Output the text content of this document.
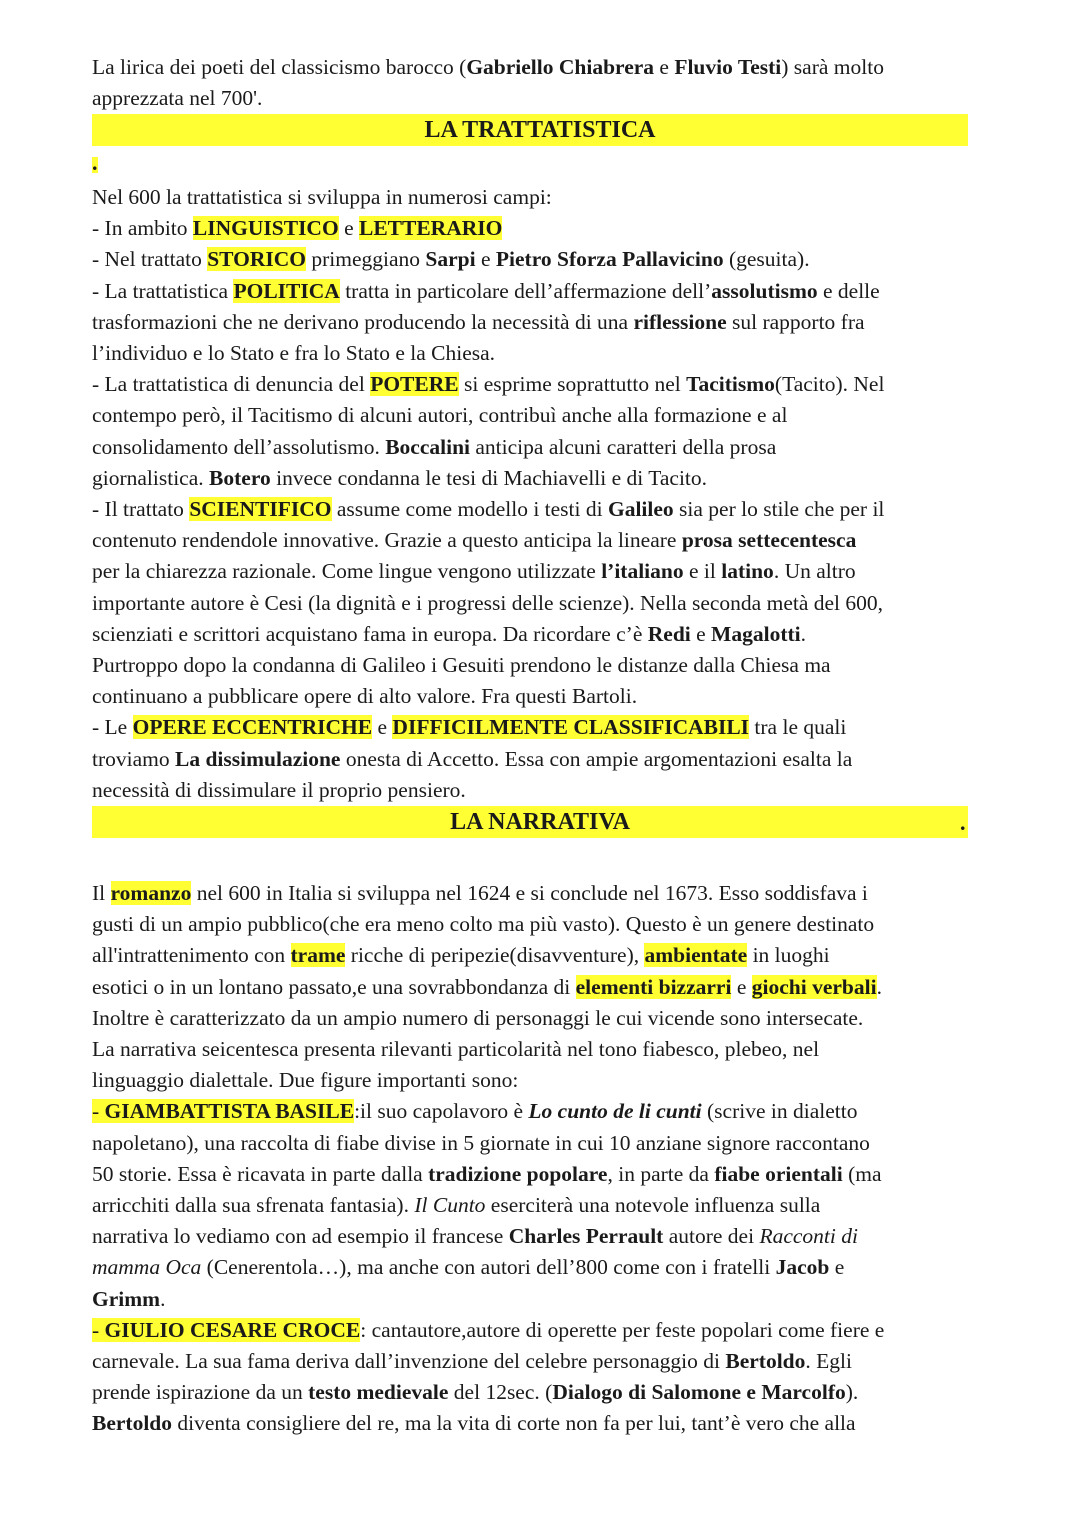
La lirica dei poeti del classicismo barocco (Gabriello Chiabrera e Fluvio Testi) sarà molto
apprezzata nel 700'.
Nel 600 la trattatistica si sviluppa in numerosi campi:
- In ambito LINGUISTICO e LETTERARIO
- Nel trattato STORICO primeggiano Sarpi e Pietro Sforza Pallavicino (gesuita).
- La trattatistica POLITICA tratta in particolare dell’affermazione dell’assolutismo e delle
trasformazioni che ne derivano producendo la necessità di una riflessione sul rapporto fra
l’individuo e lo Stato e fra lo Stato e la Chiesa.
- La trattatistica di denuncia del POTERE si esprime soprattutto nel Tacitismo(Tacito). Nel
contempo però, il Tacitismo di alcuni autori, contribuì anche alla formazione e al
consolidamento dell’assolutismo. Boccalini anticipa alcuni caratteri della prosa
giornalistica. Botero invece condanna le tesi di Machiavelli e di Tacito.
- Il trattato SCIENTIFICO assume come modello i testi di Galileo sia per lo stile che per il
contenuto rendendole innovative. Grazie a questo anticipa la lineare prosa settecentesca
per la chiarezza razionale. Come lingue vengono utilizzate l’italiano e il latino. Un altro
importante autore è Cesi (la dignità e i progressi delle scienze). Nella seconda metà del 600,
scienziati e scrittori acquistano fama in europa. Da ricordare c’è Redi e Magalotti.
Purtroppo dopo la condanna di Galileo i Gesuiti prendono le distanze dalla Chiesa ma
continuano a pubblicare opere di alto valore. Fra questi Bartoli.
- Le OPERE ECCENTRICHE e DIFFICILMENTE CLASSIFICABILI tra le quali
troviamo La dissimulazione onesta di Accetto. Essa con ampie argomentazioni esalta la
necessità di dissimulare il proprio pensiero.
Il romanzo nel 600 in Italia si sviluppa nel 1624 e si conclude nel 1673. Esso soddisfava i
gusti di un ampio pubblico(che era meno colto ma più vasto). Questo è un genere destinato
all'intrattenimento con trame ricche di peripezie(disavventure), ambientate in luoghi
esotici o in un lontano passato,e una sovrabbondanza di elementi bizzarri e giochi verbali.
Inoltre è caratterizzato da un ampio numero di personaggi le cui vicende sono intersecate.
La narrativa seicentesca presenta rilevanti particolarità nel tono fiabesco, plebeo, nel
linguaggio dialettale. Due figure importanti sono:
- GIAMBATTISTA BASILE:il suo capolavoro è Lo cunto de li cunti (scrive in dialetto
napoletano), una raccolta di fiabe divise in 5 giornate in cui 10 anziane signore raccontano
50 storie. Essa è ricavata in parte dalla tradizione popolare, in parte da fiabe orientali (ma
arricchiti dalla sua sfrenata fantasia). Il Cunto eserciterà una notevole influenza sulla
narrativa lo vediamo con ad esempio il francese Charles Perrault autore dei Racconti di
mamma Oca (Cenerentola…), ma anche con autori dell’800 come con i fratelli Jacob e
Grimm.
- GIULIO CESARE CROCE: cantautore,autore di operette per feste popolari come fiere e
carnevale. La sua fama deriva dall’invenzione del celebre personaggio di Bertoldo. Egli
prende ispirazione da un testo medievale del 12sec. (Dialogo di Salomone e Marcolfo).
Bertoldo diventa consigliere del re, ma la vita di corte non fa per lui, tant’è vero che alla
LA TRATTATISTICA
.
LA NARRATIVA	.
